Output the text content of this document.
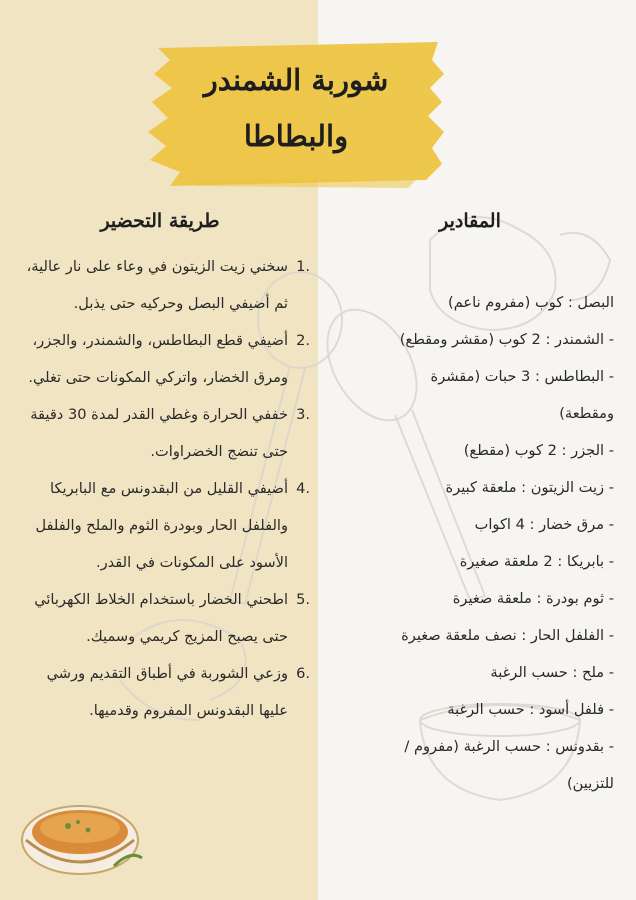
شوربة الشمندر
والبطاطا
طريقة التحضير	المقادير
.1
سخني زيت الزيتون في وعاء على نار عالية، ثم أضيفي البصل وحركيه حتى يذبل.
.2
أضيفي قطع البطاطس، والشمندر، والجزر، ومرق الخضار، واتركي المكونات حتى تغلي.
.3
خففي الحرارة وغطي القدر لمدة 30 دقيقة حتى تنضج الخضراوات.
.4
أضيفي القليل من البقدونس مع البابريكا والفلفل الحار وبودرة الثوم والملح والفلفل الأسود على المكونات في القدر.
.5
اطحني الخضار باستخدام الخلاط الكهربائي حتى يصبح المزيج كريمي وسميك.
.6
وزعي الشوربة في أطباق التقديم ورشي عليها البقدونس المفروم وقدميها.
البصل : كوب (مفروم ناعم)
- الشمندر : 2 كوب (مقشر ومقطع)
- البطاطس : 3 حبات (مقشرة ومقطعة)
- الجزر : 2 كوب (مقطع)
- زيت الزيتون : ملعقة كبيرة
- مرق خضار : 4 اكواب
- بابريكا : 2 ملعقة صغيرة
- ثوم بودرة : ملعقة صغيرة
- الفلفل الحار : نصف ملعقة صغيرة
- ملح : حسب الرغبة
- فلفل أسود : حسب الرغبة
- بقدونس : حسب الرغبة (مفروم / للتزيين)
